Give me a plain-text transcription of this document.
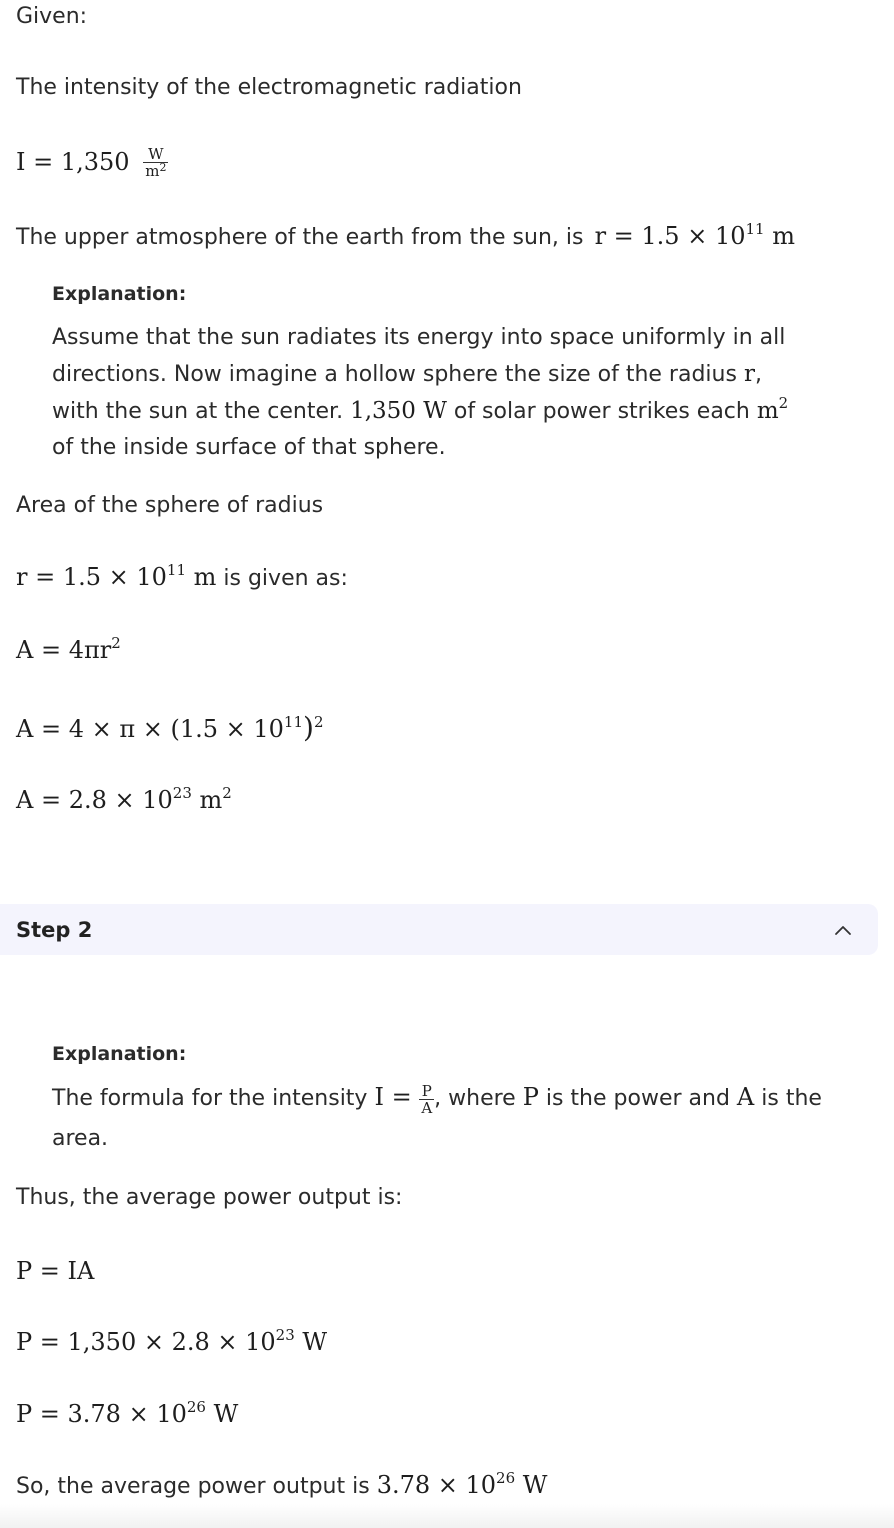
Given:
The intensity of the electromagnetic radiation
$I = 1,350 \frac{W}{m^2}$
The upper atmosphere of the earth from the sun, is $r = 1.5 \times 10^{11}$ m
Explanation:
Assume that the sun radiates its energy into space uniformly in all directions. Now imagine a hollow sphere the size of the radius r, with the sun at the center. 1,350 W of solar power strikes each $m^2$ of the inside surface of that sphere.
Area of the sphere of radius
$r = 1.5 \times 10^{11}$ m is given as:
$A = 4\pi r^2$
$A = 4 \times \pi \times (1.5 \times 10^{11})^2$
$A = 2.8 \times 10^{23}$ $m^2$
Step 2
Explanation:
The formula for the intensity $I = \frac{P}{A}$ , where P is the power and A is the
area.
Thus, the average power output is:
P = IA
$P = 1,350 \times 2.8 \times 10^{23}$ W
$P = 3.78 \times 10^{26}$ W
So, the average power output is $3.78 \times 10^{26}$ W
